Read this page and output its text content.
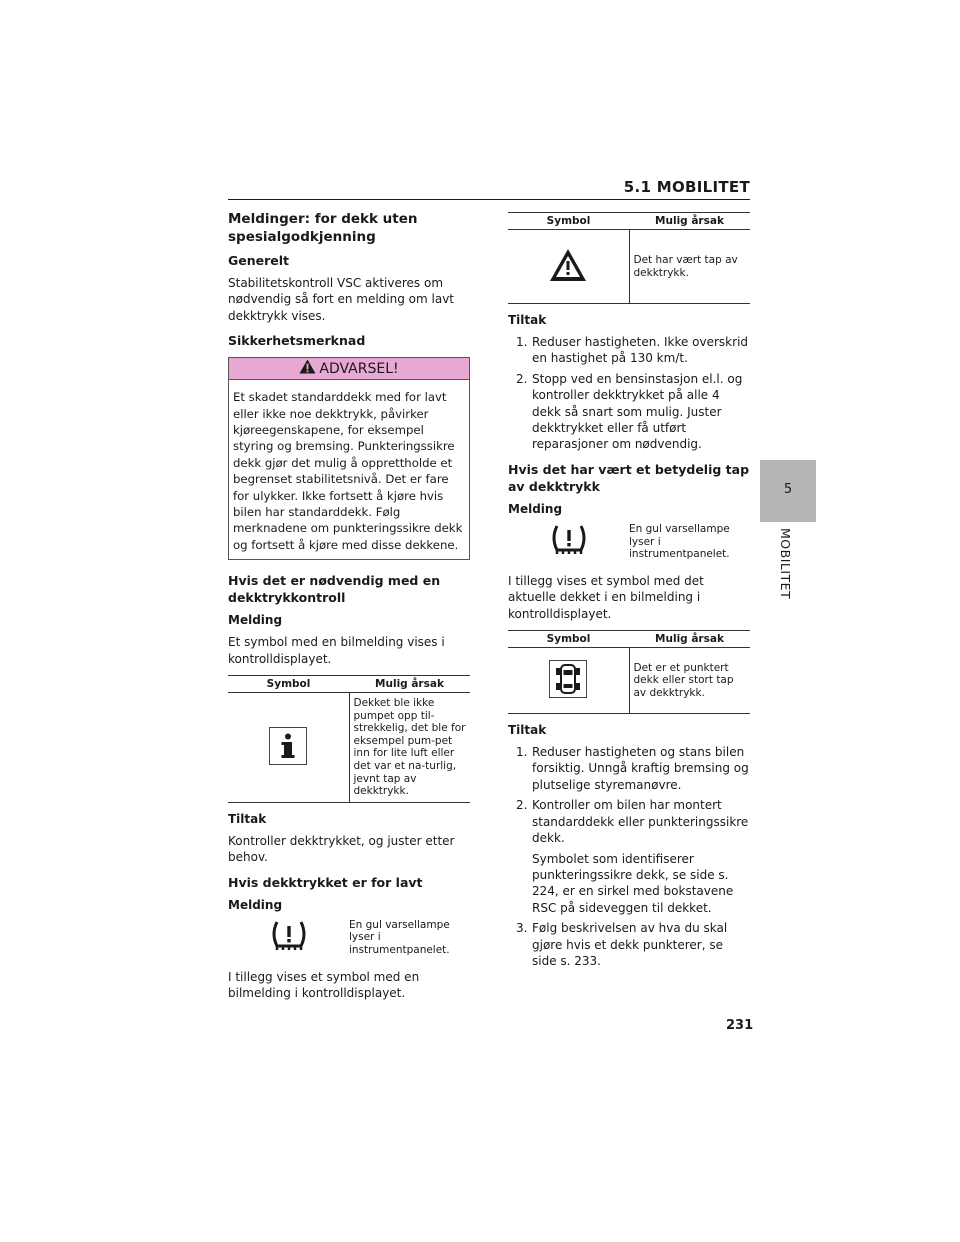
5.1 MOBILITET
5
MOBILITET
Meldinger: for dekk uten spesialgodkjenning
Generelt

Stabilitetskontroll VSC aktiveres om nødvendig så fort en melding om lavt dekktrykk vises.

Sikkerhetsmerknad
ADVARSEL!
Et skadet standarddekk med for lavt eller ikke noe dekktrykk, påvirker kjøreegenskapene, for eksempel styring og bremsing. Punkteringssikre dekk gjør det mulig å opprettholde et begrenset stabilitetsnivå. Det er fare for ulykker. Ikke fortsett å kjøre hvis bilen har standarddekk. Følg merknadene om punkteringssikre dekk og fortsett å kjøre med disse dekkene.
Hvis det er nødvendig med en dekktrykkontroll
Melding

Et symbol med en bilmelding vises i kontrolldisplayet.

Symbol	Mulig årsak
	Dekket ble ikke pumpet opp til-strekkelig, det ble for eksempel pum-pet inn for lite luft eller det var et na-turlig, jevnt tap av dekktrykk.
Tiltak

Kontroller dekktrykket, og juster etter behov.

Hvis dekktrykket er for lavt
Melding
En gul varsellampe lyser i instrumentpanelet.

I tillegg vises et symbol med en bilmelding i kontrolldisplayet.

Symbol	Mulig årsak
	Det har vært tap av dekktrykk.
Tiltak
1. Reduser hastigheten. Ikke overskrid en hastighet på 130 km/t.
2. Stopp ved en bensinstasjon el.l. og kontroller dekktrykket på alle 4 dekk så snart som mulig. Juster dekktrykket eller få utført reparasjoner om nødvendig.
Hvis det har vært et betydelig tap av dekktrykk
Melding
En gul varsellampe lyser i instrumentpanelet.

I tillegg vises et symbol med det aktuelle dekket i en bilmelding i kontrolldisplayet.

Symbol	Mulig årsak
	Det er et punktert dekk eller stort tap av dekktrykk.
Tiltak
1. Reduser hastigheten og stans bilen forsiktig. Unngå kraftig bremsing og plutselige styremanøvre.
2. Kontroller om bilen har montert standarddekk eller punkteringssikre dekk.
Symbolet som identifiserer punkteringssikre dekk, se side s. 224, er en sirkel med bokstavene RSC på sideveggen til dekket.
3. Følg beskrivelsen av hva du skal gjøre hvis et dekk punkterer, se side s. 233.
231
